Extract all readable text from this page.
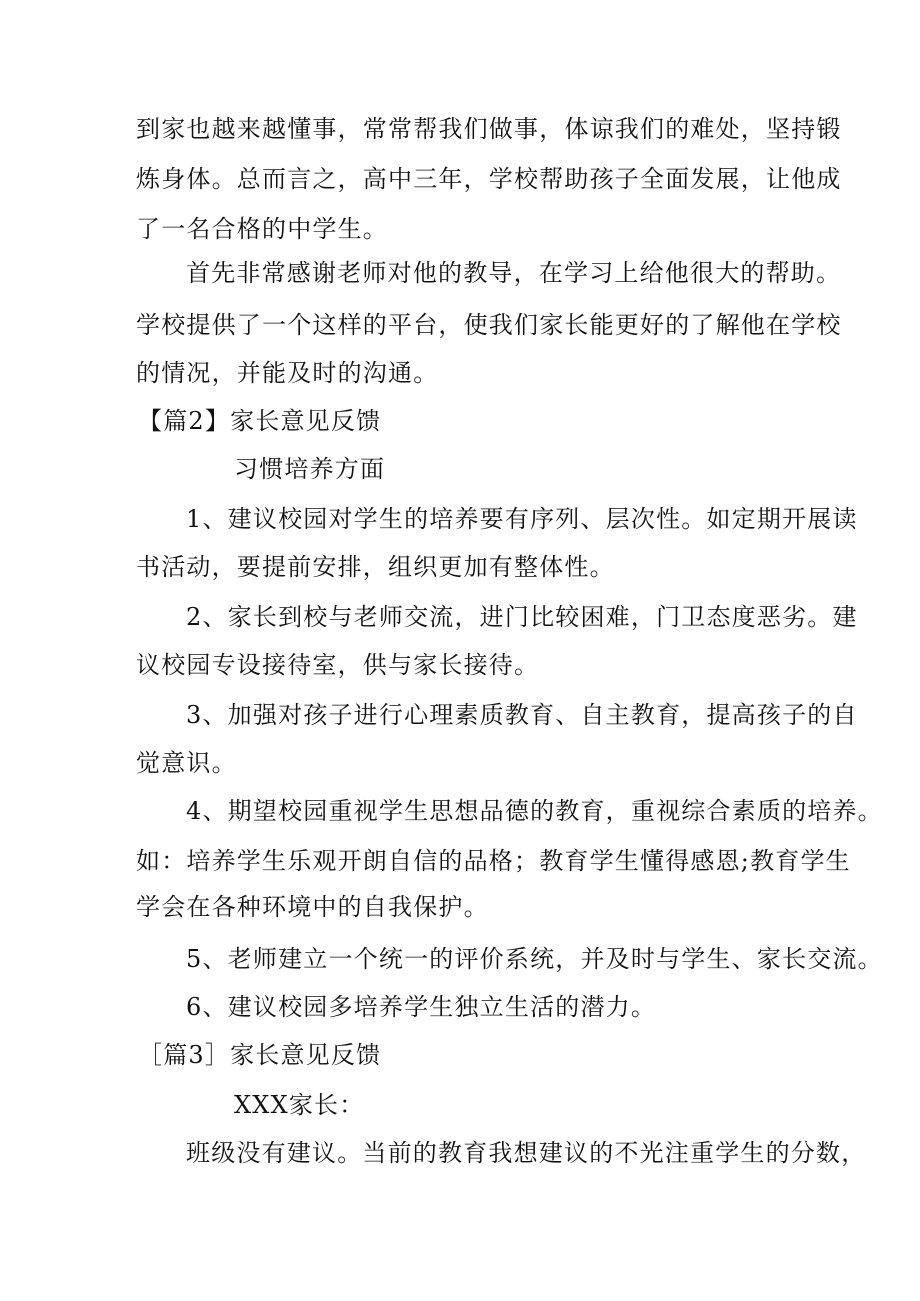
到家也越来越懂事，常常帮我们做事，体谅我们的难处，坚持锻
炼身体。总而言之，高中三年，学校帮助孩子全面发展，让他成
了一名合格的中学生。
首先非常感谢老师对他的教导，在学习上给他很大的帮助。
学校提供了一个这样的平台，使我们家长能更好的了解他在学校
的情况，并能及时的沟通。
【篇2】家长意见反馈
习惯培养方面
1、建议校园对学生的培养要有序列、层次性。如定期开展读
书活动，要提前安排，组织更加有整体性。
2、家长到校与老师交流，进门比较困难，门卫态度恶劣。建
议校园专设接待室，供与家长接待。
3、加强对孩子进行心理素质教育、自主教育，提高孩子的自
觉意识。
4、期望校园重视学生思想品德的教育，重视综合素质的培养。
如：培养学生乐观开朗自信的品格；教育学生懂得感恩;教育学生
学会在各种环境中的自我保护。
5、老师建立一个统一的评价系统，并及时与学生、家长交流。
6、建议校园多培养学生独立生活的潜力。
［篇3］家长意见反馈
XXX家长：
班级没有建议。当前的教育我想建议的不光注重学生的分数，
